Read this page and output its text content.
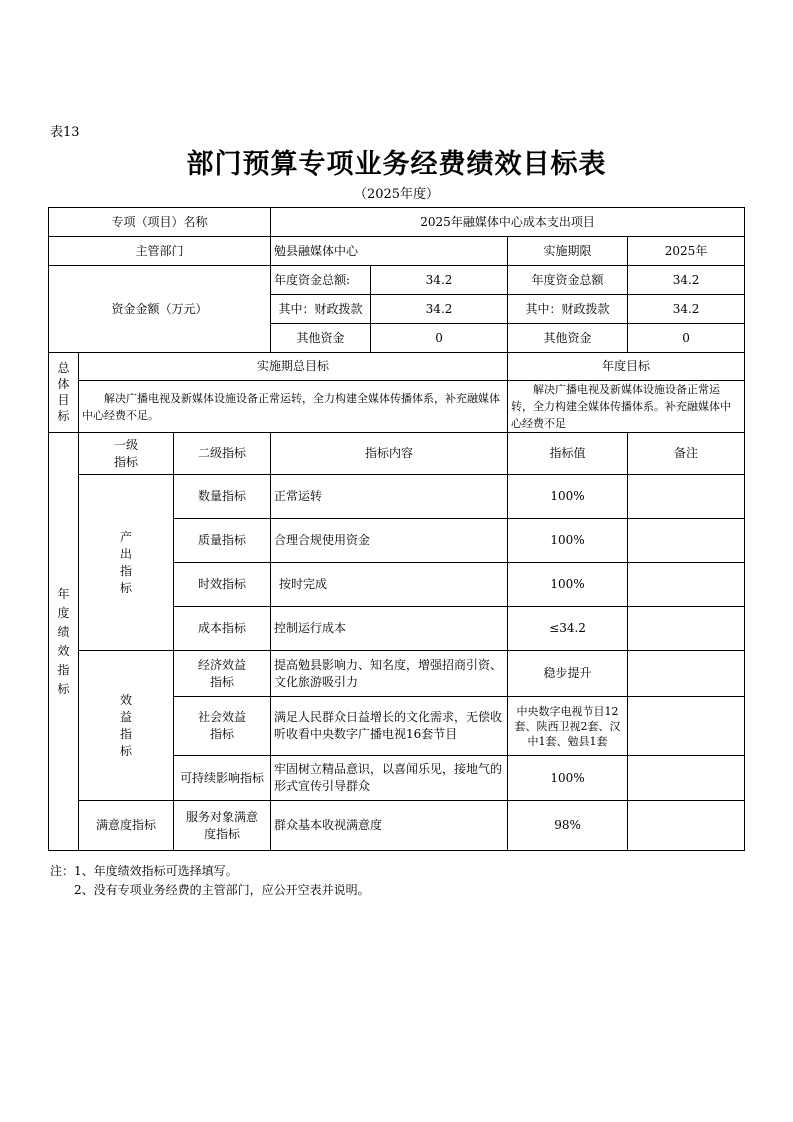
表13
部门预算专项业务经费绩效目标表
（2025年度）
专项（项目）名称			2025年融媒体中心成本支出项目			
主管部门			勉县融媒体中心		实施期限	2025年
资金金额（万元）			年度资金总额:	34.2	年度资金总额	34.2
			其中：财政拨款	34.2	其中：财政拨款	34.2
			其他资金	0	其他资金	0
总体目标	实施期总目标				年度目标	
	解决广播电视及新媒体设施设备正常运转，全力构建全媒体传播体系，补充融媒体中心经费不足。				解决广播电视及新媒体设施设备正常运转，全力构建全媒体传播体系。补充融媒体中心经费不足	
年度绩效指标	一级指标	二级指标	指标内容		指标值	备注
	产出指标	数量指标	正常运转		100%	
		质量指标	合理合规使用资金		100%	
		时效指标	按时完成		100%	
		成本指标	控制运行成本		≤34.2	
	效益指标	经济效益指标	提高勉县影响力、知名度，增强招商引资、文化旅游吸引力		稳步提升	
		社会效益指标	满足人民群众日益增长的文化需求，无偿收听收看中央数字广播电视16套节目		中央数字电视节目12套、陕西卫视2套、汉中1套、勉县1套	
		可持续影响指标	牢固树立精品意识，以喜闻乐见，接地气的形式宣传引导群众		100%	
	满意度指标	服务对象满意度指标	群众基本收视满意度		98%	
注：1、年度绩效指标可选择填写。
2、没有专项业务经费的主管部门，应公开空表并说明。
